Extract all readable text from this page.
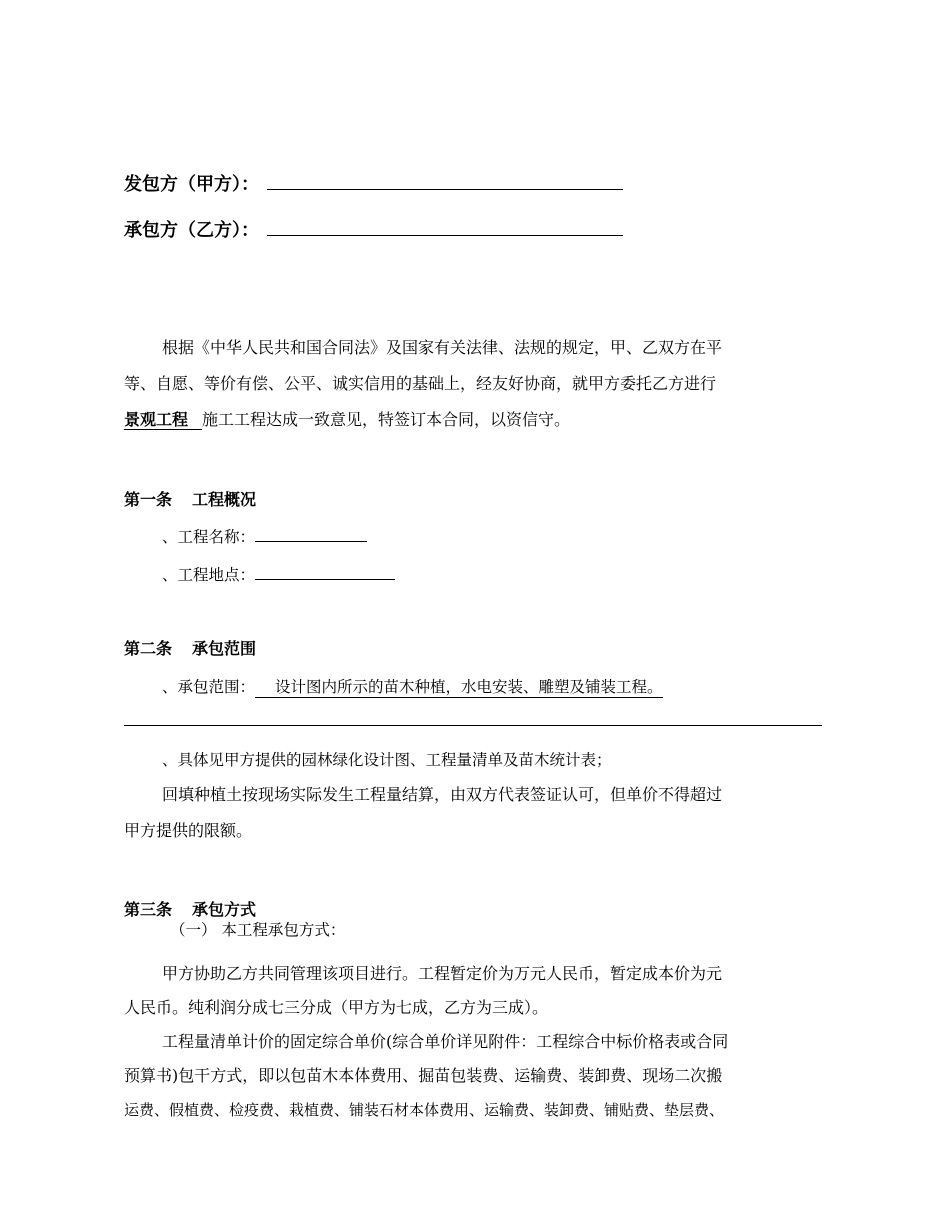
发包方（甲方）：
承包方（乙方）：
根据《中华人民共和国合同法》及国家有关法律、法规的规定，甲、乙双方在平
等、自愿、等价有偿、公平、诚实信用的基础上，经友好协商，就甲方委托乙方进行
景观工程 施工工程达成一致意见，特签订本合同，以资信守。
第一条 工程概况
、工程名称：
、工程地点：
第二条 承包范围
、承包范围： 设计图内所示的苗木种植，水电安装、雕塑及铺装工程。
、具体见甲方提供的园林绿化设计图、工程量清单及苗木统计表；
回填种植土按现场实际发生工程量结算，由双方代表签证认可，但单价不得超过
甲方提供的限额。
第三条 承包方式
（一） 本工程承包方式：
甲方协助乙方共同管理该项目进行。工程暂定价为万元人民币，暂定成本价为元
人民币。纯利润分成七三分成（甲方为七成，乙方为三成）。
工程量清单计价的固定综合单价(综合单价详见附件：工程综合中标价格表或合同
预算书)包干方式，即以包苗木本体费用、掘苗包装费、运输费、装卸费、现场二次搬
运费、假植费、检疫费、栽植费、铺装石材本体费用、运输费、装卸费、铺贴费、垫层费、
